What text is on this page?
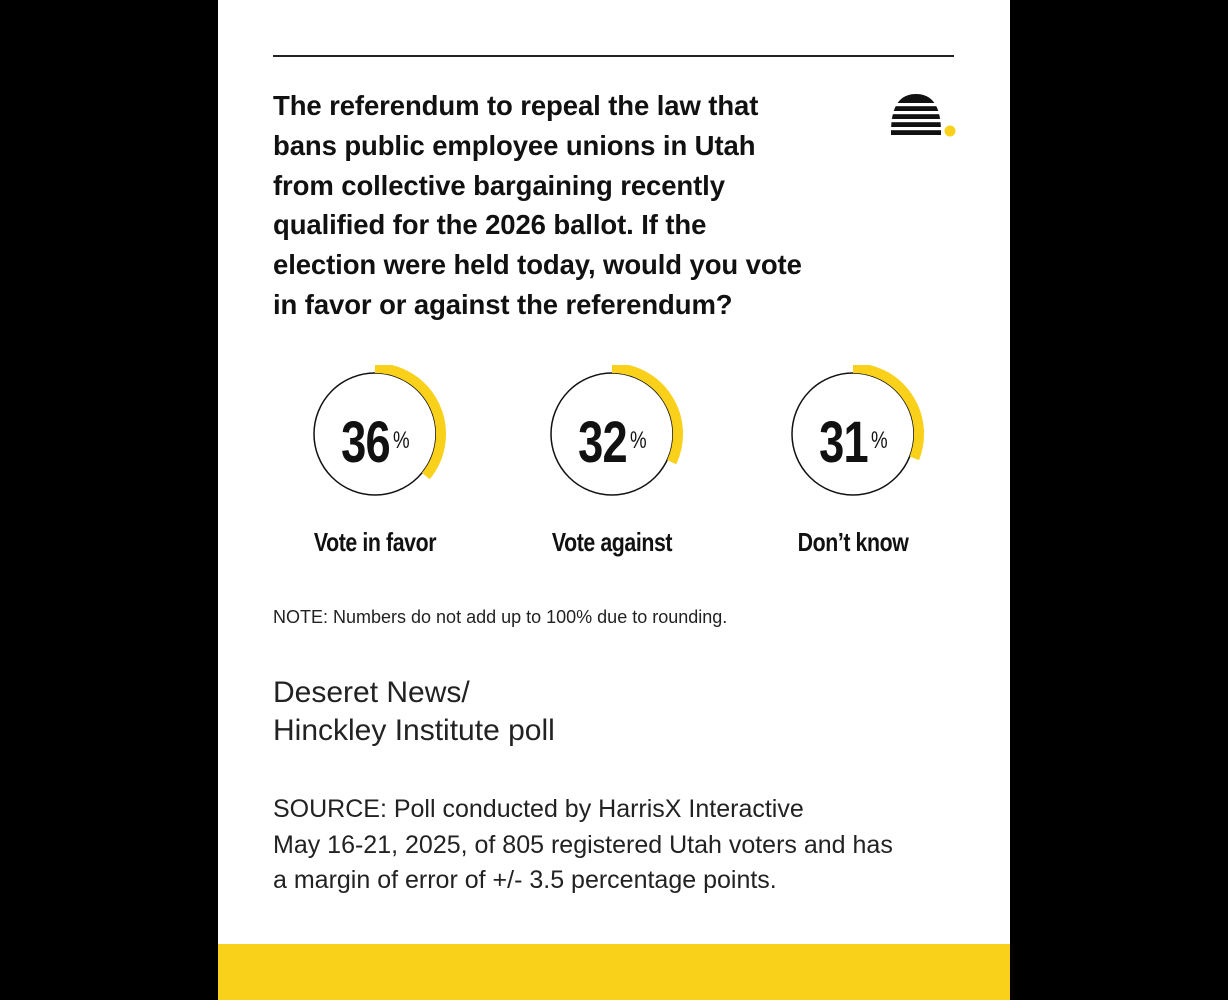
The referendum to repeal the law that
bans public employee unions in Utah
from collective bargaining recently
qualified for the 2026 ballot. If the
election were held today, would you vote
in favor or against the referendum?
36 %
Vote in favor
32 %
Vote against
31 %
Don’t know
NOTE: Numbers do not add up to 100% due to rounding.
Deseret News/
Hinckley Institute poll
SOURCE: Poll conducted by HarrisX Interactive
May 16-21, 2025, of 805 registered Utah voters and has
a margin of error of +/- 3.5 percentage points.
